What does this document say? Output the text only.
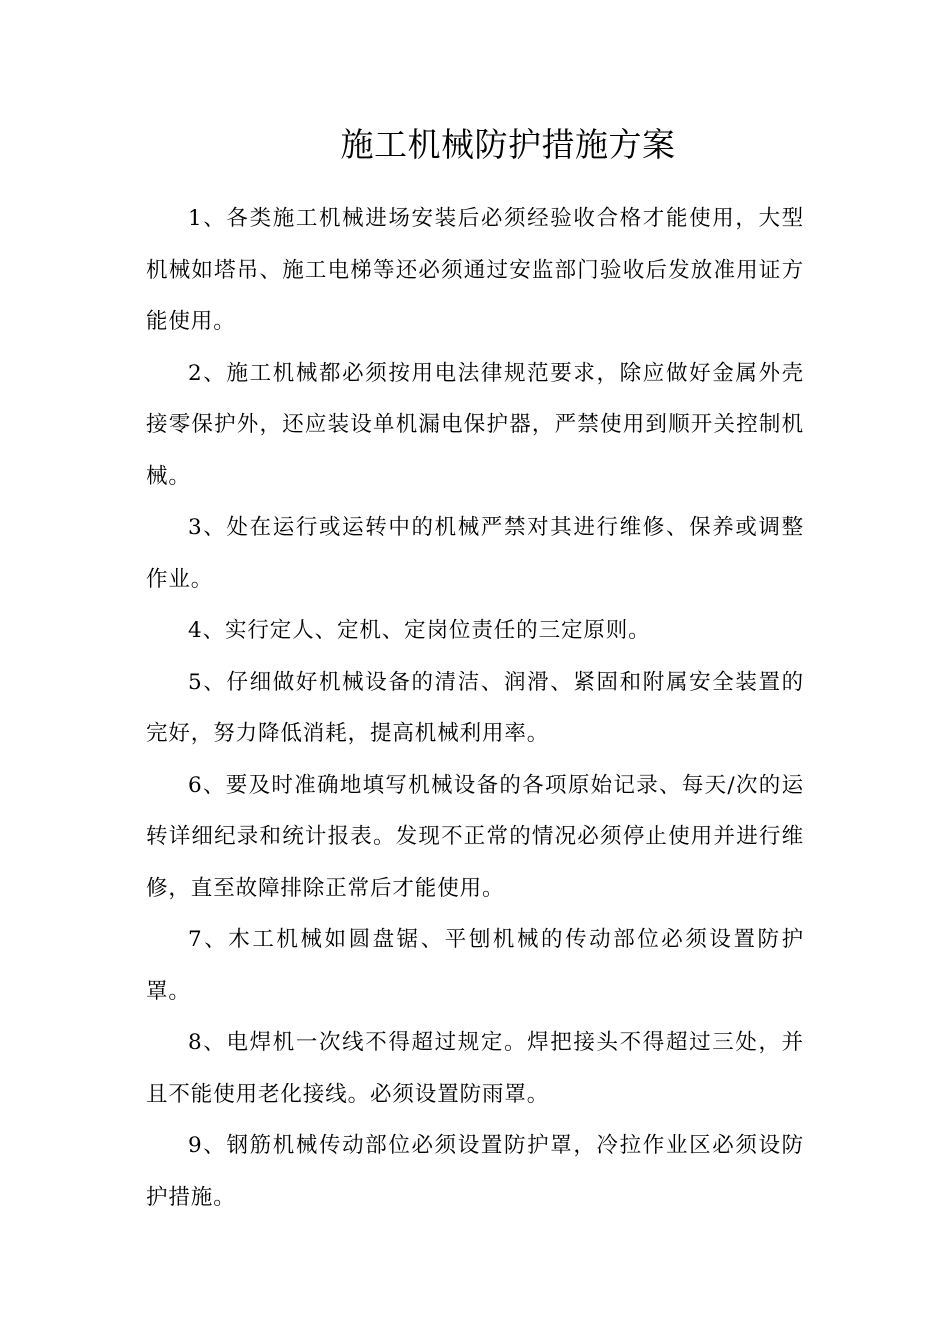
施工机械防护措施方案

1、各类施工机械进场安装后必须经验收合格才能使用，大型机械如塔吊、施工电梯等还必须通过安监部门验收后发放准用证方能使用。

2、施工机械都必须按用电法律规范要求，除应做好金属外壳接零保护外，还应装设单机漏电保护器，严禁使用到顺开关控制机械。

3、处在运行或运转中的机械严禁对其进行维修、保养或调整作业。

4、实行定人、定机、定岗位责任的三定原则。

5、仔细做好机械设备的清洁、润滑、紧固和附属安全装置的完好，努力降低消耗，提高机械利用率。

6、要及时准确地填写机械设备的各项原始记录、每天/次的运转详细纪录和统计报表。发现不正常的情况必须停止使用并进行维修，直至故障排除正常后才能使用。

7、木工机械如圆盘锯、平刨机械的传动部位必须设置防护罩。

8、电焊机一次线不得超过规定。焊把接头不得超过三处，并且不能使用老化接线。必须设置防雨罩。

9、钢筋机械传动部位必须设置防护罩，冷拉作业区必须设防护措施。
